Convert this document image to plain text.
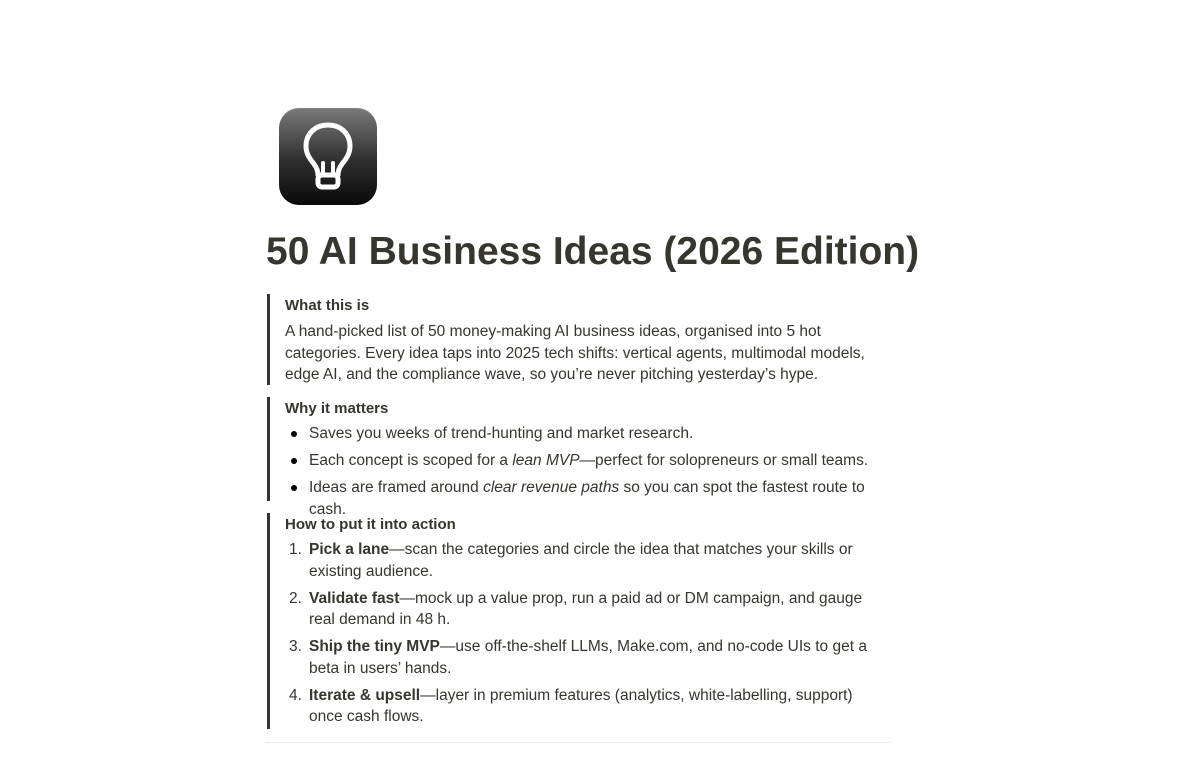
50 AI Business Ideas (2026 Edition)
What this is

A hand-picked list of 50 money-making AI business ideas, organised into 5 hot categories. Every idea taps into 2025 tech shifts: vertical agents, multimodal models, edge AI, and the compliance wave, so you’re never pitching yesterday’s hype.

Why it matters
Saves you weeks of trend-hunting and market research.
Each concept is scoped for a lean MVP—perfect for solopreneurs or small teams.
Ideas are framed around clear revenue paths so you can spot the fastest route to cash.
How to put it into action
1. Pick a lane—scan the categories and circle the idea that matches your skills or existing audience.
2. Validate fast—mock up a value prop, run a paid ad or DM campaign, and gauge real demand in 48 h.
3. Ship the tiny MVP—use off-the-shelf LLMs, Make.com, and no-code UIs to get a beta in users’ hands.
4. Iterate & upsell—layer in premium features (analytics, white-labelling, support) once cash flows.
